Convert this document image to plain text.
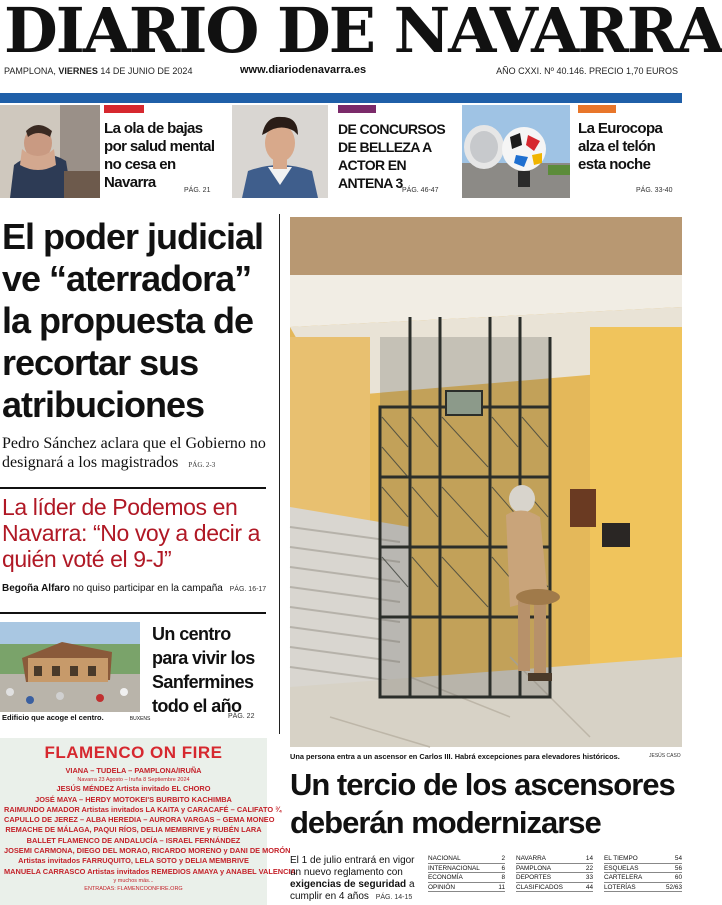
DIARIO DE NAVARRA
PAMPLONA, VIERNES 14 DE JUNIO DE 2024	www.diariodenavarra.es	AÑO CXXI. Nº 40.146. PRECIO 1,70 EUROS
La ola de bajas por salud mental no cesa en Navarra	PÁG. 21
DE CONCURSOS DE BELLEZA A ACTOR EN ANTENA 3 PÁG. 46-47
La Eurocopa alza el telón esta noche
PÁG. 33-40
El poder judicial ve “aterradora” la propuesta de recortar sus atribuciones
Pedro Sánchez aclara que el Gobierno no designará a los magistrados PÁG. 2-3
La líder de Podemos en Navarra: “No voy a decir a quién voté el 9-J”
Begoña Alfaro no quiso participar en la campaña PÁG. 16-17
Edificio que acoge el centro.	BUXENS
Un centro para vivir los Sanfermines todo el año
PÁG. 22
FLAMENCO ON FIRE
VIANA – TUDELA – PAMPLONA/IRUÑA
Navarra 23 Agosto – Iruña 8 Septiembre 2024
JESÚS MÉNDEZ Artista invitado EL CHORO
JOSÉ MAYA – HERDY MOTOKEI'S BURBITO KACHIMBA
RAIMUNDO AMADOR Artistas invitados LA KAITA y CARACAFÉ – CALIFATO ¾
CAPULLO DE JEREZ – ALBA HEREDIA – AURORA VARGAS – GEMA MONEO
REMACHE DE MÁLAGA, PAQUI RÍOS, DELIA MEMBRIVE y RUBÉN LARA
BALLET FLAMENCO DE ANDALUCÍA – ISRAEL FERNÁNDEZ
JOSEMI CARMONA, DIEGO DEL MORAO, RICARDO MORENO y DANI DE MORÓN
Artistas invitados FARRUQUITO, LELA SOTO y DELIA MEMBRIVE
MANUELA CARRASCO Artistas invitados REMEDIOS AMAYA y ANABEL VALENCIA
y muchos más...
ENTRADAS: FLAMENCOONFIRE.ORG
Una persona entra a un ascensor en Carlos III. Habrá excepciones para elevadores históricos.	JESÚS CASO
Un tercio de los ascensores deberán modernizarse
El 1 de julio entrará en vigor un nuevo reglamento con exigencias de seguridad a cumplir en 4 años PÁG. 14-15
NACIONAL	2
INTERNACIONAL	6
ECONOMÍA	8
OPINIÓN	11
NAVARRA	14
PAMPLONA	22
DEPORTES	33
CLASIFICADOS	44
EL TIEMPO	54
ESQUELAS	56
CARTELERA	60
LOTERÍAS	52/63
